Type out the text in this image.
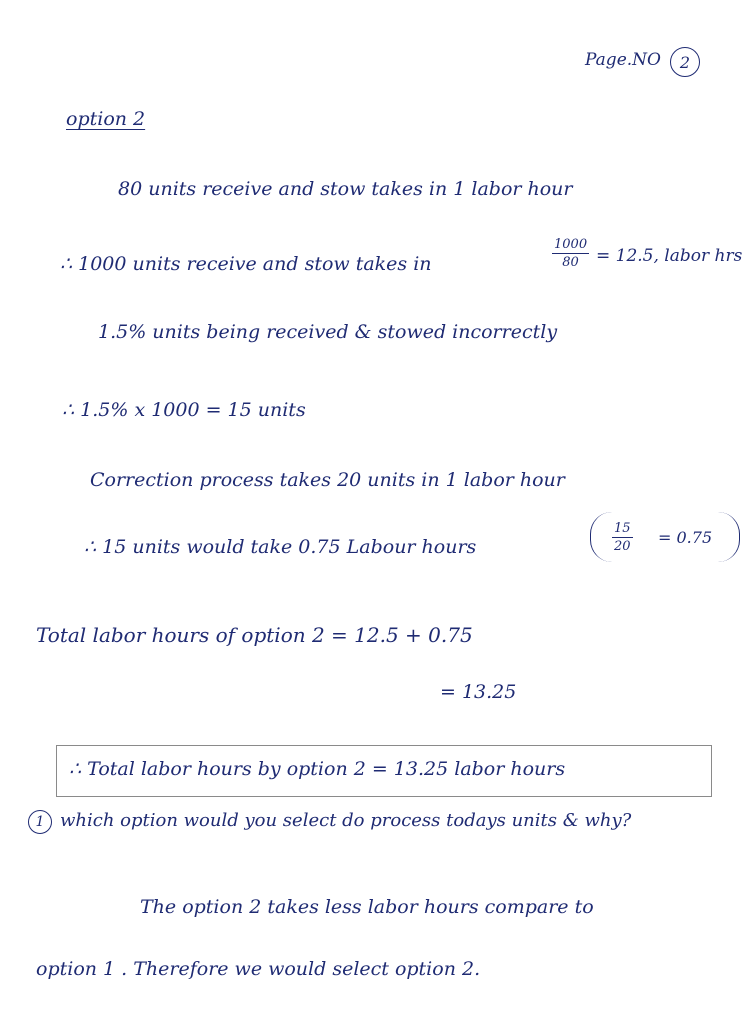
Page.NO	2
option 2
80 units receive and stow takes in 1 labor hour
∴ 1000 units receive and stow takes in	$\frac{1000}{80} = 12.5$, labor hrs
1.5% units being received & stowed incorrectly
∴ 1.5% x 1000 = 15 units
Correction process takes 20 units in 1 labor hour
∴ 15 units would take 0.75 Labour hours	$\frac{15}{20} = 0.75$
Total labor hours of option 2 = 12.5 + 0.75
= 13.25
∴ Total labor hours by option 2 = 13.25 labor hours
1 which option would you select do process todays units & why?
The option 2 takes less labor hours compare to
option 1 . Therefore we would select option 2.
